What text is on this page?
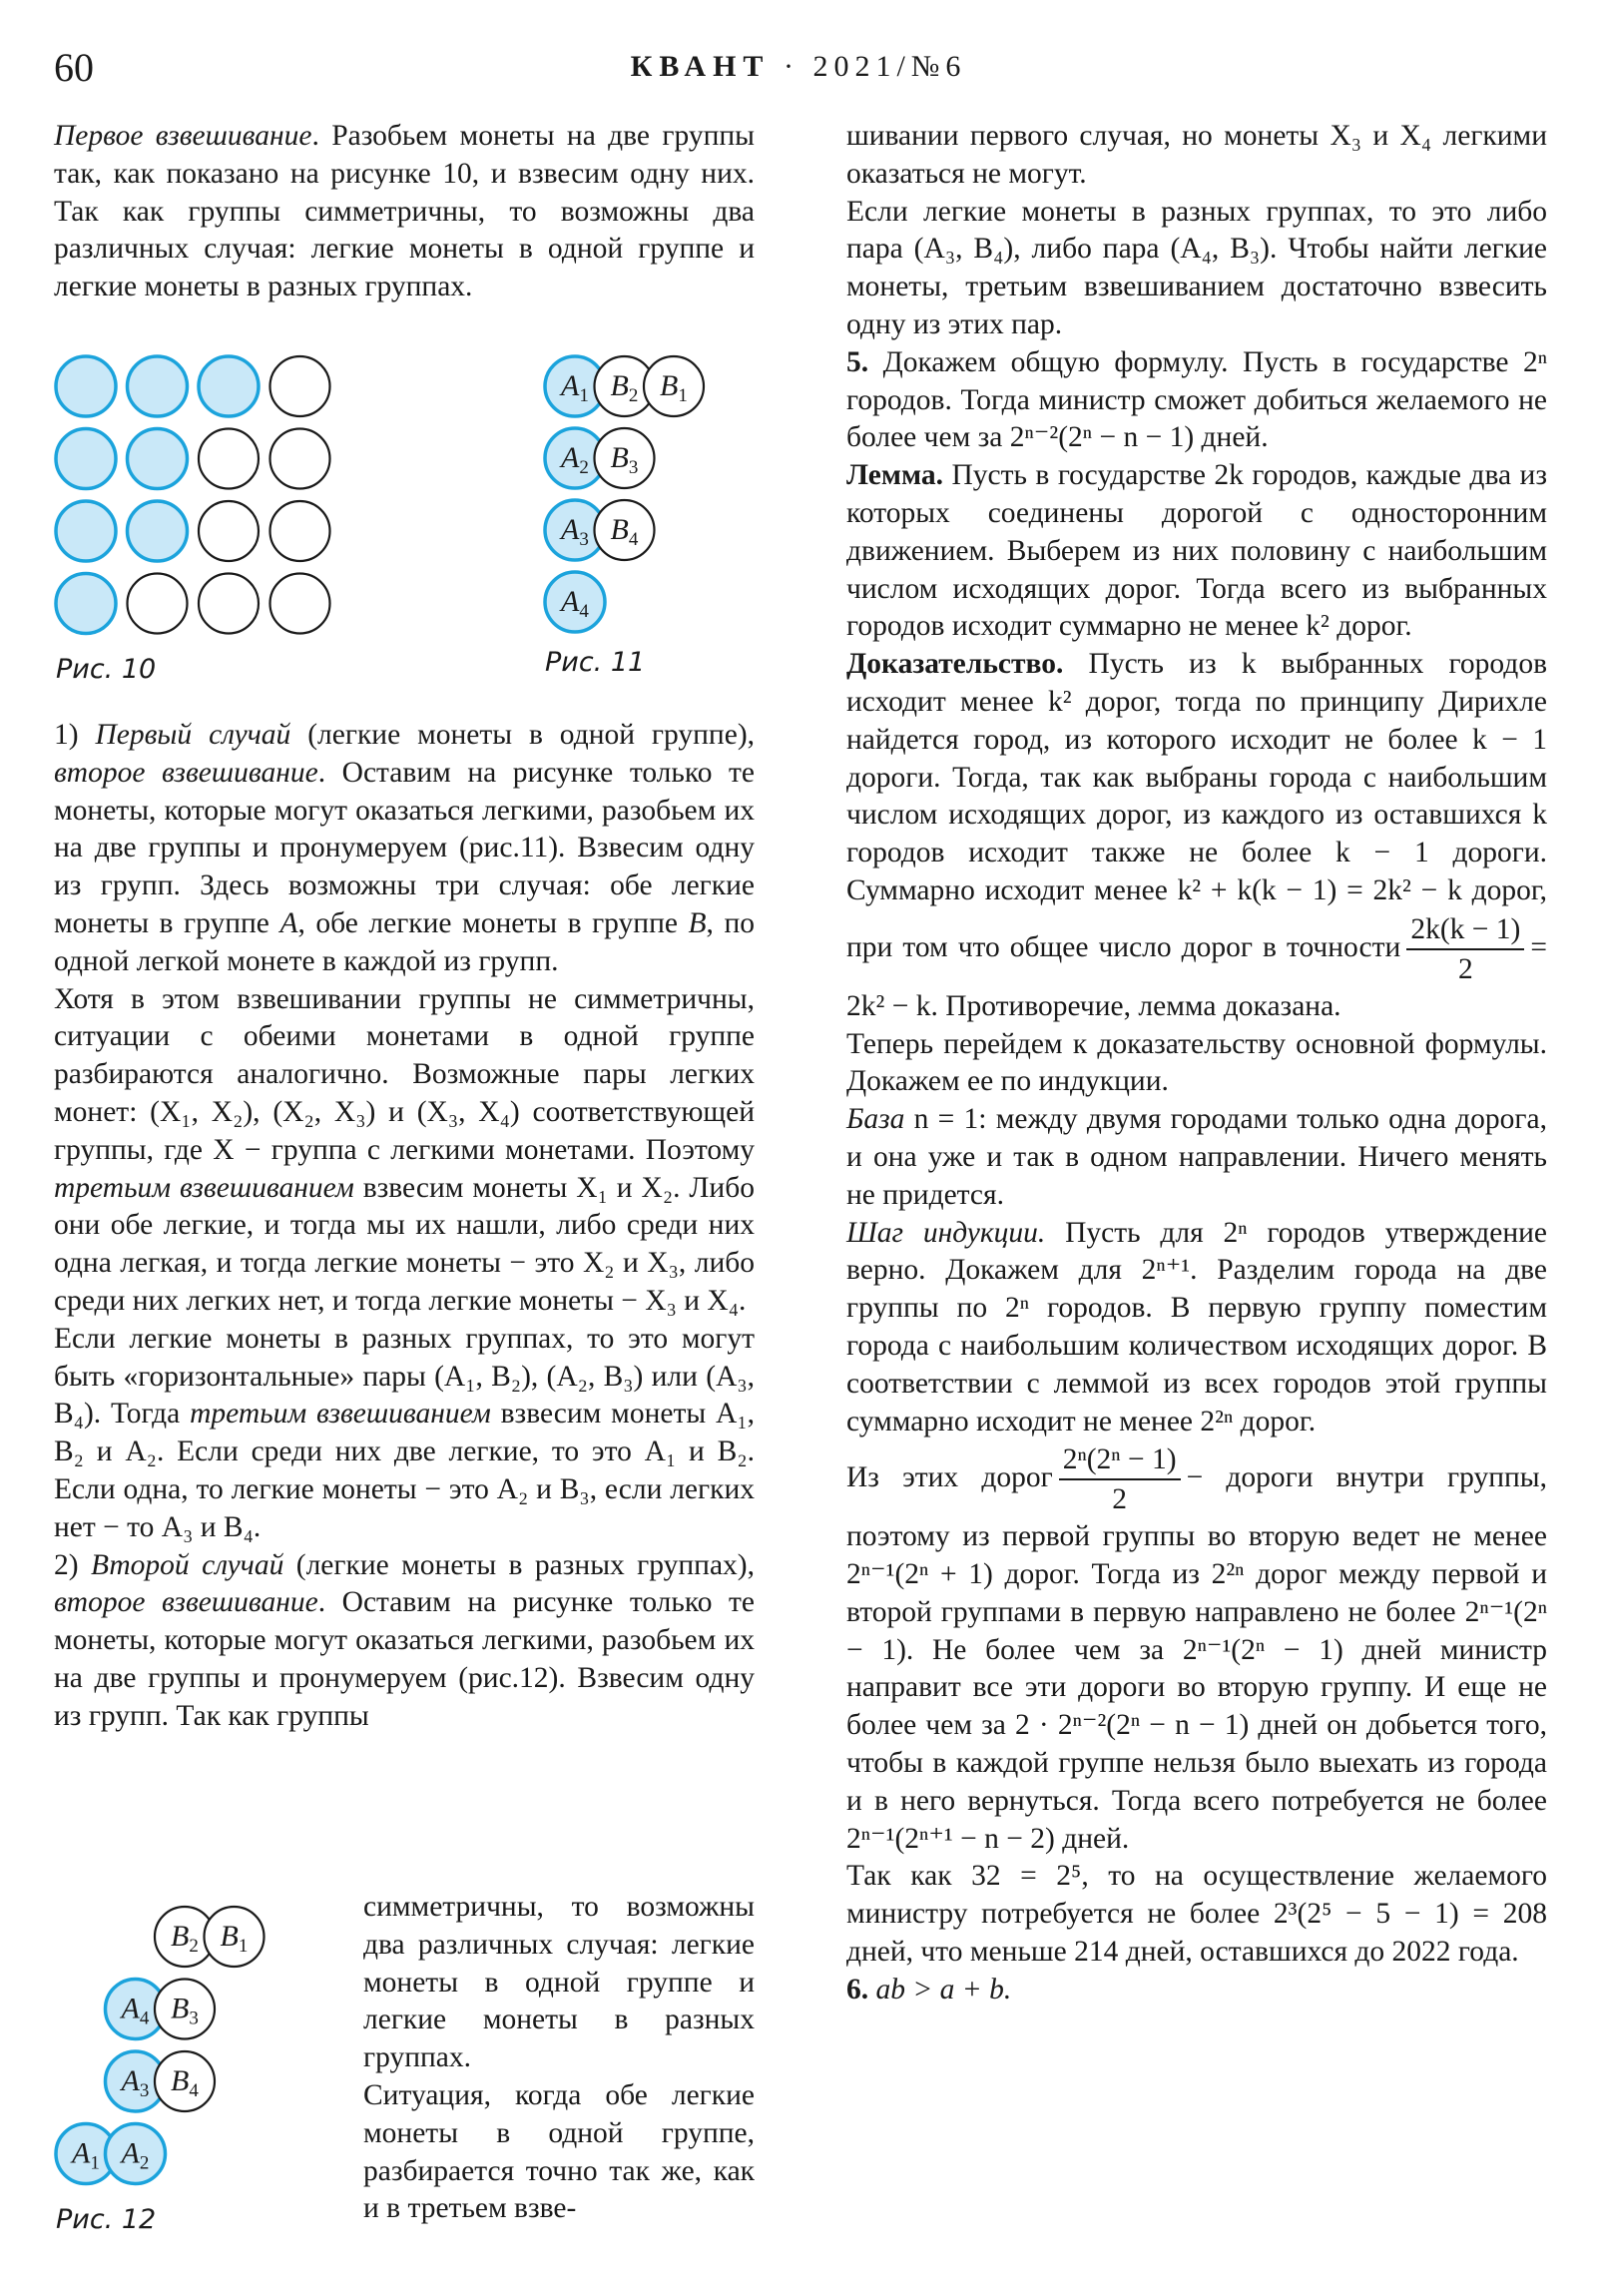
60	КВАНТ · 2021/№6

Первое взвешивание. Разобьем монеты на две группы так, как показано на рисунке 10, и взвесим одну них. Так как группы симметричны, то возможны два различных случая: легкие монеты в одной группе и легкие монеты в разных группах.

Рис. 10
$A_1$ $B_2$ $B_1$
$A_2$ $B_3$
$A_3$ $B_4$
$A_4$
Рис. 11

1) Первый случай (легкие монеты в одной группе), второе взвешивание. Оставим на рисунке только те монеты, которые могут оказаться легкими, разобьем их на две группы и пронумеруем (рис.11). Взвесим одну из групп. Здесь возможны три случая: обе легкие монеты в группе A, обе легкие монеты в группе B, по одной легкой монете в каждой из групп.

Хотя в этом взвешивании группы не симметричны, ситуации с обеими монетами в одной группе разбираются аналогично. Возможные пары легких монет: (X₁, X₂), (X₂, X₃) и (X₃, X₄) соответствующей группы, где X − группа с легкими монетами. Поэтому третьим взвешиванием взвесим монеты X₁ и X₂. Либо они обе легкие, и тогда мы их нашли, либо среди них одна легкая, и тогда легкие монеты − это X₂ и X₃, либо среди них легких нет, и тогда легкие монеты − X₃ и X₄.

Если легкие монеты в разных группах, то это могут быть «горизонтальные» пары (A₁, B₂), (A₂, B₃) или (A₃, B₄). Тогда третьим взвешиванием взвесим монеты A₁, B₂ и A₂. Если среди них две легкие, то это A₁ и B₂. Если одна, то легкие монеты − это A₂ и B₃, если легких нет − то A₃ и B₄.

2) Второй случай (легкие монеты в разных группах), второе взвешивание. Оставим на рисунке только те монеты, которые могут оказаться легкими, разобьем их на две группы и пронумеруем (рис.12). Взвесим одну из групп. Так как группы

$B_2$ $B_1$
$A_4$ $B_3$
$A_3$ $B_4$
$A_1$ $A_2$
Рис. 12

симметричны, то возможны два различных случая: легкие монеты в одной группе и легкие монеты в разных группах.

Ситуация, когда обе легкие монеты в одной группе, разбирается точно так же, как и в третьем взве-

шивании первого случая, но монеты X₃ и X₄ легкими оказаться не могут.

Если легкие монеты в разных группах, то это либо пара (A₃, B₄), либо пара (A₄, B₃). Чтобы найти легкие монеты, третьим взвешиванием достаточно взвесить одну из этих пар.

5. Докажем общую формулу. Пусть в государстве 2ⁿ городов. Тогда министр сможет добиться желаемого не более чем за 2ⁿ⁻²(2ⁿ − n − 1) дней.

Лемма. Пусть в государстве 2k городов, каждые два из которых соединены дорогой с односторонним движением. Выберем из них половину с наибольшим числом исходящих дорог. Тогда всего из выбранных городов исходит суммарно не менее k² дорог.

Доказательство. Пусть из k выбранных городов исходит менее k² дорог, тогда по принципу Дирихле найдется город, из которого исходит не более k − 1 дороги. Тогда, так как выбраны города с наибольшим числом исходящих дорог, из каждого из оставшихся k городов исходит также не более k − 1 дороги. Суммарно исходит менее k² + k(k − 1) = 2k² − k дорог, при том что общее число дорог в точности $\frac{2k(k - 1)}{2} = 2k^2 - k$. Противоречие, лемма доказана.

Теперь перейдем к доказательству основной формулы. Докажем ее по индукции.

База n = 1: между двумя городами только одна дорога, и она уже и так в одном направлении. Ничего менять не придется.

Шаг индукции. Пусть для 2ⁿ городов утверждение верно. Докажем для 2ⁿ⁺¹. Разделим города на две группы по 2ⁿ городов. В первую группу поместим города с наибольшим количеством исходящих дорог. В соответствии с леммой из всех городов этой группы суммарно исходит не менее 2²ⁿ дорог.

Из этих дорог $\frac{\text{2ⁿ(2ⁿ − 1)}}{2}$ − дороги внутри группы, поэтому из первой группы во вторую ведет не менее 2ⁿ⁻¹(2ⁿ + 1) дорог. Тогда из 2²ⁿ дорог между первой и второй группами в первую направлено не более 2ⁿ⁻¹(2ⁿ − 1). Не более чем за 2ⁿ⁻¹(2ⁿ − 1) дней министр направит все эти дороги во вторую группу. И еще не более чем за 2 · 2ⁿ⁻²(2ⁿ − n − 1) дней он добьется того, чтобы в каждой группе нельзя было выехать из города и в него вернуться. Тогда всего потребуется не более 2ⁿ⁻¹(2ⁿ⁺¹ − n − 2) дней.

Так как 32 = 2⁵, то на осуществление желаемого министру потребуется не более 2³(2⁵ − 5 − 1) = 208 дней, что меньше 214 дней, оставшихся до 2022 года.

6. ab > a + b.
